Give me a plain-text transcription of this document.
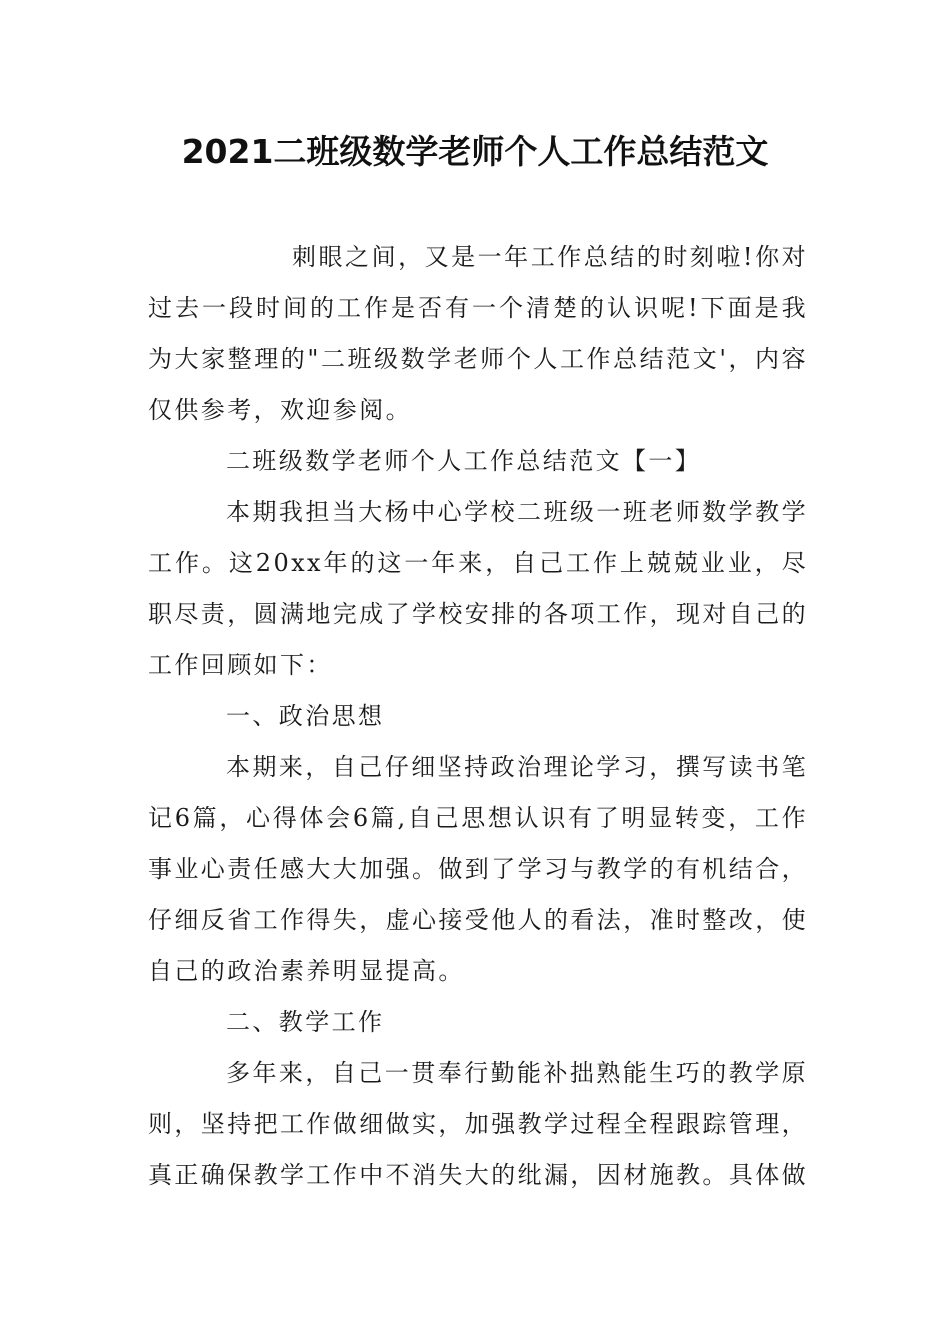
2021二班级数学老师个人工作总结范文

刺眼之间，又是一年工作总结的时刻啦!你对过去一段时间的工作是否有一个清楚的认识呢!下面是我为大家整理的"二班级数学老师个人工作总结范文'，内容仅供参考，欢迎参阅。

二班级数学老师个人工作总结范文【一】

本期我担当大杨中心学校二班级一班老师数学教学工作。这20xx年的这一年来，自己工作上兢兢业业，尽职尽责，圆满地完成了学校安排的各项工作，现对自己的工作回顾如下：

一、政治思想

本期来，自己仔细坚持政治理论学习，撰写读书笔记6篇，心得体会6篇,自己思想认识有了明显转变，工作事业心责任感大大加强。做到了学习与教学的有机结合，仔细反省工作得失，虚心接受他人的看法，准时整改，使自己的政治素养明显提高。

二、教学工作

多年来，自己一贯奉行勤能补拙熟能生巧的教学原则，坚持把工作做细做实，加强教学过程全程跟踪管理，真正确保教学工作中不消失大的纰漏，因材施教。具体做
